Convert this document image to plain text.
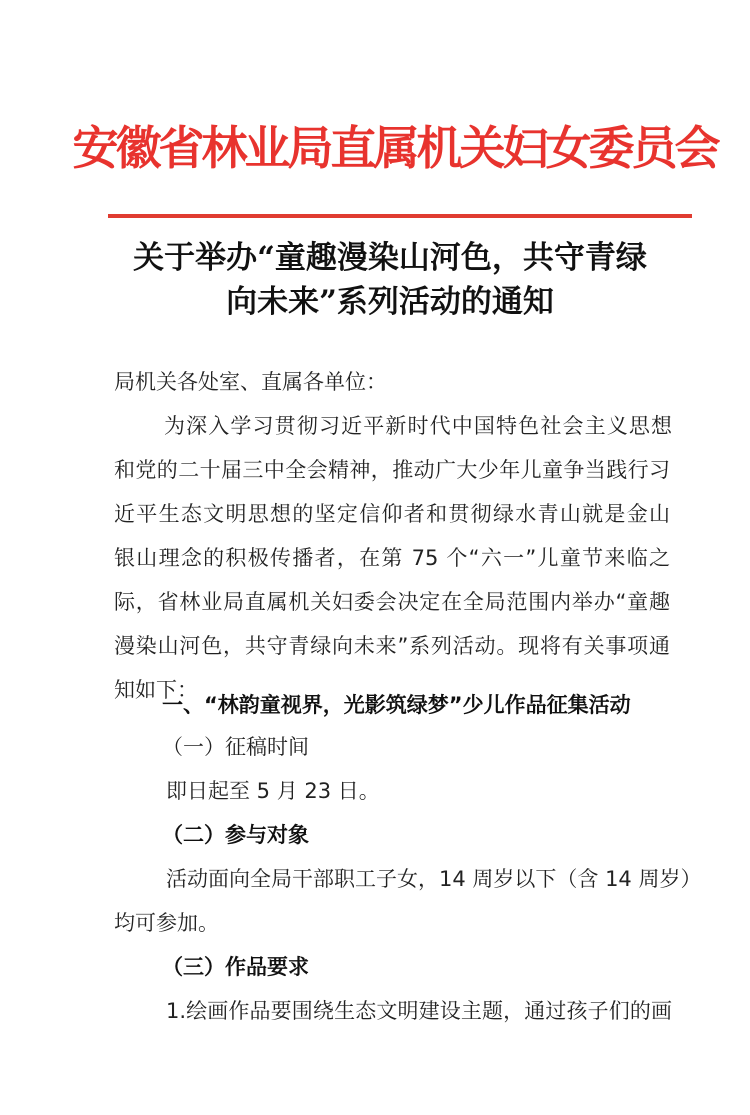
安徽省林业局直属机关妇女委员会
关于举办“童趣漫染山河色，共守青绿
向未来”系列活动的通知
局机关各处室、直属各单位：
为深入学习贯彻习近平新时代中国特色社会主义思想
和党的二十届三中全会精神，推动广大少年儿童争当践行习
近平生态文明思想的坚定信仰者和贯彻绿水青山就是金山
银山理念的积极传播者，在第 75 个“六一”儿童节来临之
际，省林业局直属机关妇委会决定在全局范围内举办“童趣
漫染山河色，共守青绿向未来”系列活动。现将有关事项通
知如下：
一、“林韵童视界，光影筑绿梦”少儿作品征集活动
（一）征稿时间
即日起至 5 月 23 日。
（二）参与对象
活动面向全局干部职工子女，14 周岁以下（含 14 周岁）
均可参加。
（三）作品要求
1.绘画作品要围绕生态文明建设主题，通过孩子们的画
